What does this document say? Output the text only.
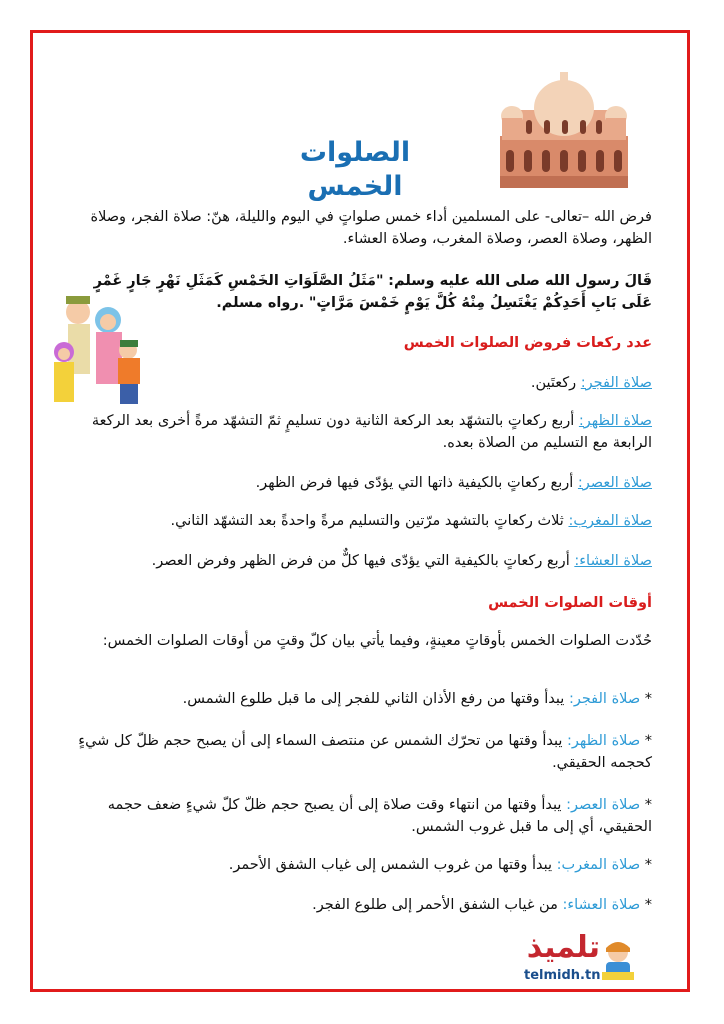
الصلوات الخمس
فرض الله –تعالى- على المسلمين أداء خمس صلواتٍ في اليوم والليلة، هنّ: صلاة الفجر، وصلاة الظهر، وصلاة العصر، وصلاة المغرب، وصلاة العشاء.
قَالَ رسول الله صلى الله عليه وسلم: "مَثَلُ الصَّلَوَاتِ الخَمْسِ كَمَثَلِ نَهْرٍ جَارٍ غَمْرٍ عَلَى بَابِ أَحَدِكُمْ يَغْتَسِلُ مِنْهُ كُلَّ يَوْمٍ خَمْسَ مَرَّاتٍ" .رواه مسلم.
عدد ركعات فروض الصلوات الخمس
صلاة الفجر: ركعتَين.
صلاة الظهر: أربع ركعاتٍ بالتشهّد بعد الركعة الثانية دون تسليمٍ ثمّ التشهّد مرةً أخرى بعد الركعة الرابعة مع التسليم من الصلاة بعده.
صلاة العصر: أربع ركعاتٍ بالكيفية ذاتها التي يؤدّى فيها فرض الظهر.
صلاة المغرب: ثلاث ركعاتٍ بالتشهد مرّتين والتسليم مرةً واحدةً بعد التشهّد الثاني.
صلاة العشاء: أربع ركعاتٍ بالكيفية التي يؤدّى فيها كلٌّ من فرض الظهر وفرض العصر.
أوقات الصلوات الخمس
حُدّدت الصلوات الخمس بأوقاتٍ معينةٍ، وفيما يأتي بيان كلّ وقتٍ من أوقات الصلوات الخمس:
* صلاة الفجر: يبدأ وقتها من رفع الأذان الثاني للفجر إلى ما قبل طلوع الشمس.
* صلاة الظهر: يبدأ وقتها من تحرّك الشمس عن منتصف السماء إلى أن يصبح حجم ظلّ كل شيءٍ كحجمه الحقيقي.
* صلاة العصر: يبدأ وقتها من انتهاء وقت صلاة إلى أن يصبح حجم ظلّ كلّ شيءٍ ضعف حجمه الحقيقي، أي إلى ما قبل غروب الشمس.
* صلاة المغرب: يبدأ وقتها من غروب الشمس إلى غياب الشفق الأحمر.
* صلاة العشاء: من غياب الشفق الأحمر إلى طلوع الفجر.
تلميذ
telmidh.tn
